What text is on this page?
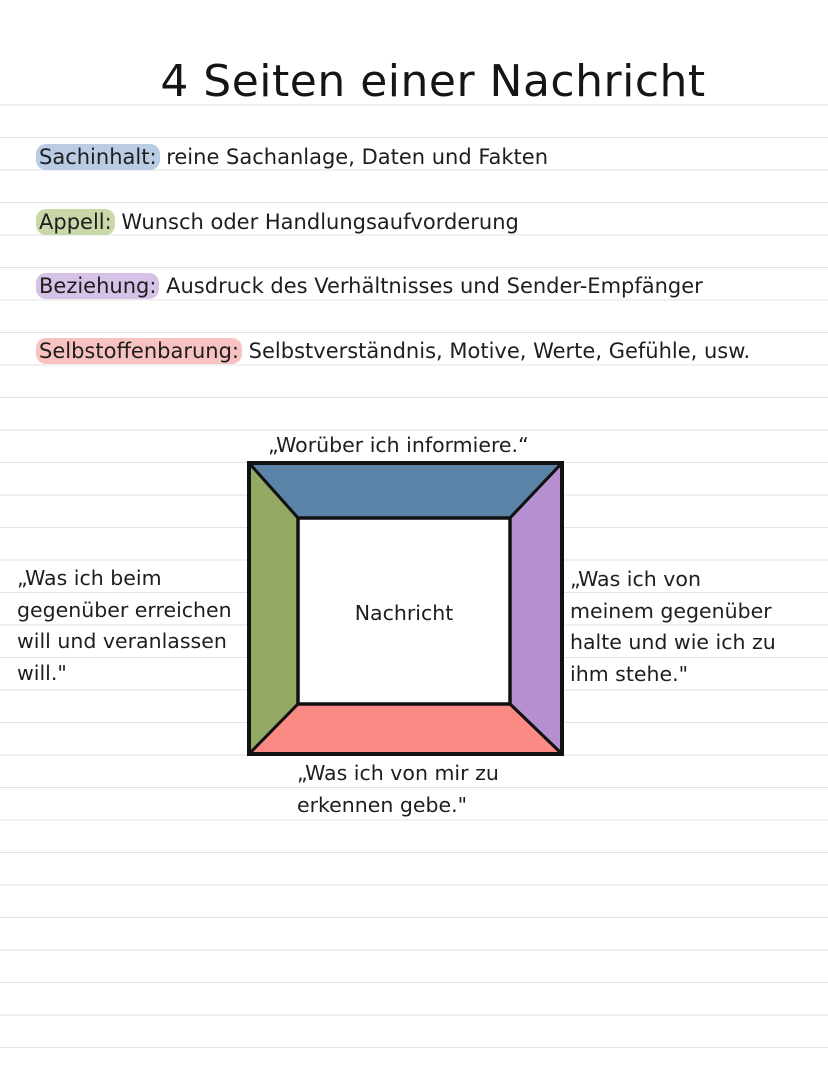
4 Seiten einer Nachricht
Sachinhalt: reine Sachanlage, Daten und Fakten
Appell: Wunsch oder Handlungsaufvorderung
Beziehung: Ausdruck des Verhältnisses und Sender-Empfänger
Selbstoffenbarung: Selbstverständnis, Motive, Werte, Gefühle, usw.
Nachricht
„Worüber ich informiere.“
„Was ich beim
gegenüber erreichen
will und veranlassen
will."
„Was ich von
meinem gegenüber
halte und wie ich zu
ihm stehe."
„Was ich von mir zu
erkennen gebe."
